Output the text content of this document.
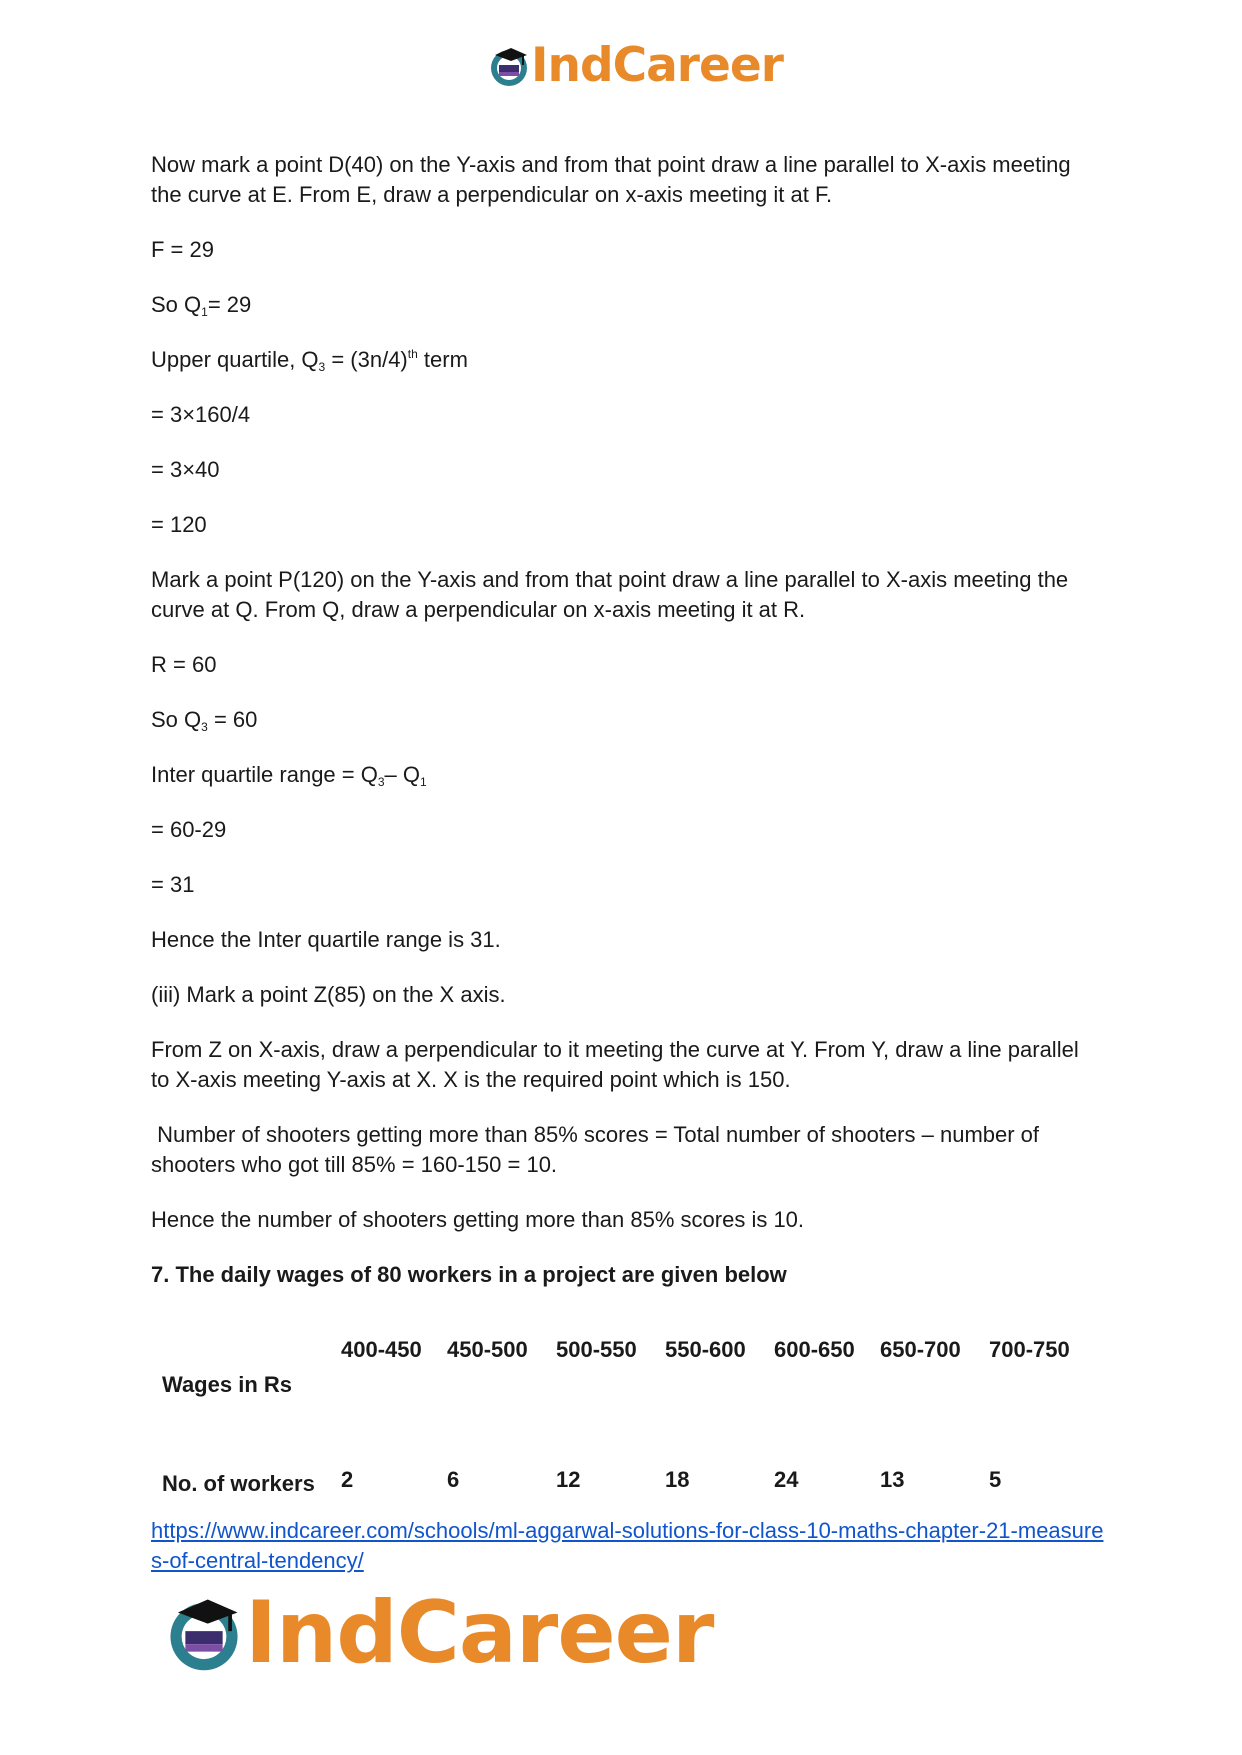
IndCareer

Now mark a point D(40) on the Y-axis and from that point draw a line parallel to X-axis meeting the curve at E. From E, draw a perpendicular on x-axis meeting it at F.

F = 29

So $Q_1= 29$

Upper quartile, $Q_3 = (3n/4)^{th}$ term

= 3×160/4

= 3×40

= 120

Mark a point P(120) on the Y-axis and from that point draw a line parallel to X-axis meeting the curve at Q. From Q, draw a perpendicular on x-axis meeting it at R.

R = 60

So $Q_3 = 60$

Inter quartile range = $Q_3-$ $Q_1$

= 60-29

= 31

Hence the Inter quartile range is 31.

(iii) Mark a point Z(85) on the X axis.

From Z on X-axis, draw a perpendicular to it meeting the curve at Y. From Y, draw a line parallel to X-axis meeting Y-axis at X. X is the required point which is 150.

Number of shooters getting more than 85% scores = Total number of shooters – number of shooters who got till 85% = 160-150 = 10.

Hence the number of shooters getting more than 85% scores is 10.

7. The daily wages of 80 workers in a project are given below

Wages in Rs	400-450	450-500	500-550	550-600	600-650	650-700	700-750
No. of workers	2	6	12	18	24	13	5
https://www.indcareer.com/schools/ml-aggarwal-solutions-for-class-10-maths-chapter-21-measures-of-central-tendency/
IndCareer
